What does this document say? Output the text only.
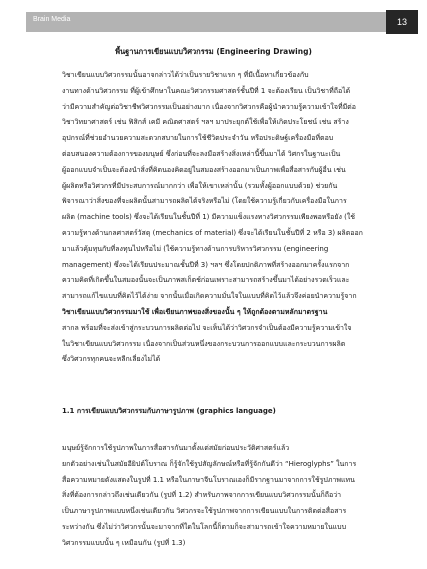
Brain Media	13
พื้นฐานการเขียนแบบวิศวกรรม (Engineering Drawing)
วิชาเขียนแบบวิศวกรรมนั้นอาจกล่าวได้ว่าเป็นรายวิชาแรก ๆ ที่มีเนื้อหาเกี่ยวข้องกับ
งานทางด้านวิศวกรรม ที่ผู้เข้าศึกษาในคณะวิศวกรรมศาสตร์ชั้นปีที่ 1 จะต้องเรียน เป็นวิชาที่ถือได้
ว่ามีความสำคัญต่อวิชาชีพวิศวกรรมเป็นอย่างมาก เนื่องจากวิศวกรคือผู้นำความรู้ความเข้าใจที่มีต่อ
วิชาวิทยาศาสตร์ เช่น ฟิสิกส์ เคมี คณิตศาสตร์ ฯลฯ มาประยุกต์ใช้เพื่อให้เกิดประโยชน์ เช่น สร้าง
อุปกรณ์ที่ช่วยอำนวยความสะดวกสบายในการใช้ชีวิตประจำวัน หรือประดิษฐ์เครื่องมือที่ตอบ
ต่อบสนองความต้องการของมนุษย์ ซึ่งก่อนที่จะลงมือสร้างสิ่งเหล่านี้ขึ้นมาได้ วิศกรในฐานะเป็น
ผู้ออกแบบจำเป็นจะต้องนำสิ่งที่คิดนองคิดอยู่ในสมองสร้างออกมาเป็นภาพเพื่อสื่อสารกับผู้อื่น เช่น
ผู้ผลิตหรือวิศวกรที่มีประสบการณ์มากกว่า เพื่อให้เขาเหล่านั้น (รวมทั้งผู้ออกแบบด้วย) ช่วยกัน
พิจารณาว่าสิ่งของที่จะผลิตนั้นสามารถผลิตได้จริงหรือไม่ (โดยใช้ความรู้เกี่ยวกับเครื่องมือในการ
ผลิต (machine tools) ซึ่งจะได้เรียนในชั้นปีที่ 1) มีความแข็งแรงทางวิศวกรรมเพียงพอหรือยัง (ใช้
ความรู้ทางด้านกลศาสตร์วัสดุ (mechanics of material) ซึ่งจะได้เรียนในชั้นปีที่ 2 หรือ 3) ผลิตออก
มาแล้วคุ้มทุนกับที่ลงทุนไปหรือไม่ (ใช้ความรู้ทางด้านการบริหารวิศวกรรม (engineering
management) ซึ่งจะได้เรียนประมาณชั้นปีที่ 3) ฯลฯ ซึ่งโดยปกติภาพที่สร้างออกมาครั้งแรกจาก
ความคิดที่เกิดขึ้นในสมองนั้นจะเป็นภาพสเก็ตช์ก่อนเพราะสามารถสร้างขึ้นมาได้อย่างรวดเร็วและ
สามารถแก้ไขแบบที่คิดไว้ได้ง่าย จากนั้นเมื่อเกิดความมั่นใจในแบบที่คิดไว้แล้วจึงค่อยนำความรู้จาก
วิชาเขียนแบบวิศวกรรมมาใช้ เพื่อเขียนภาพของสิ่งของนั้น ๆ ให้ถูกต้องตามหลักมาตรฐาน
สากล พร้อมที่จะส่งเข้าสู่กระบวนการผลิตต่อไป จะเห็นได้ว่าวิศวกรจำเป็นต้องมีความรู้ความเข้าใจ
ในวิชาเขียนแบบวิศวกรรม เนื่องจากเป็นส่วนหนึ่งของกระบวนการออกแบบและกระบวนการผลิต
ซึ่งวิศวกรทุกคนจะหลีกเลี่ยงไม่ได้
1.1 การเขียนแบบวิศวกรรมกับภาษารูปภาพ (graphics language)
มนุษย์รู้จักการใช้รูปภาพในการสื่อสารกันมาตั้งแต่สมัยก่อนประวัติศาสตร์แล้ว
ยกตัวอย่างเช่นในสมัยอียิปต์โบราณ ก็รู้จักใช้รูปสัญลักษณ์หรือที่รู้จักกันดีว่า “Hieroglyphs” ในการ
สื่อความหมายดังแสดงในรูปที่ 1.1 หรือในภาษาจีนโบราณเองก็มีรากฐานมาจากการใช้รูปภาพแทน
สิ่งที่ต้องการกล่าวถึงเช่นเดียวกัน (รูปที่ 1.2) สำหรับภาพจากการเขียนแบบวิศวกรรมนั้นก็ถือว่า
เป็นภาษารูปภาพแบบหนึ่งเช่นเดียวกัน วิศวกรจะใช้รูปภาพจากการเขียนแบบในการติดต่อสื่อสาร
ระหว่างกัน ซึ่งไม่ว่าวิศวกรนั้นจะมาจากที่ใดในโลกนี้ก็ตามก็จะสามารถเข้าใจความหมายในแบบ
วิศวกรรมแบบนั้น ๆ เหมือนกัน (รูปที่ 1.3)
